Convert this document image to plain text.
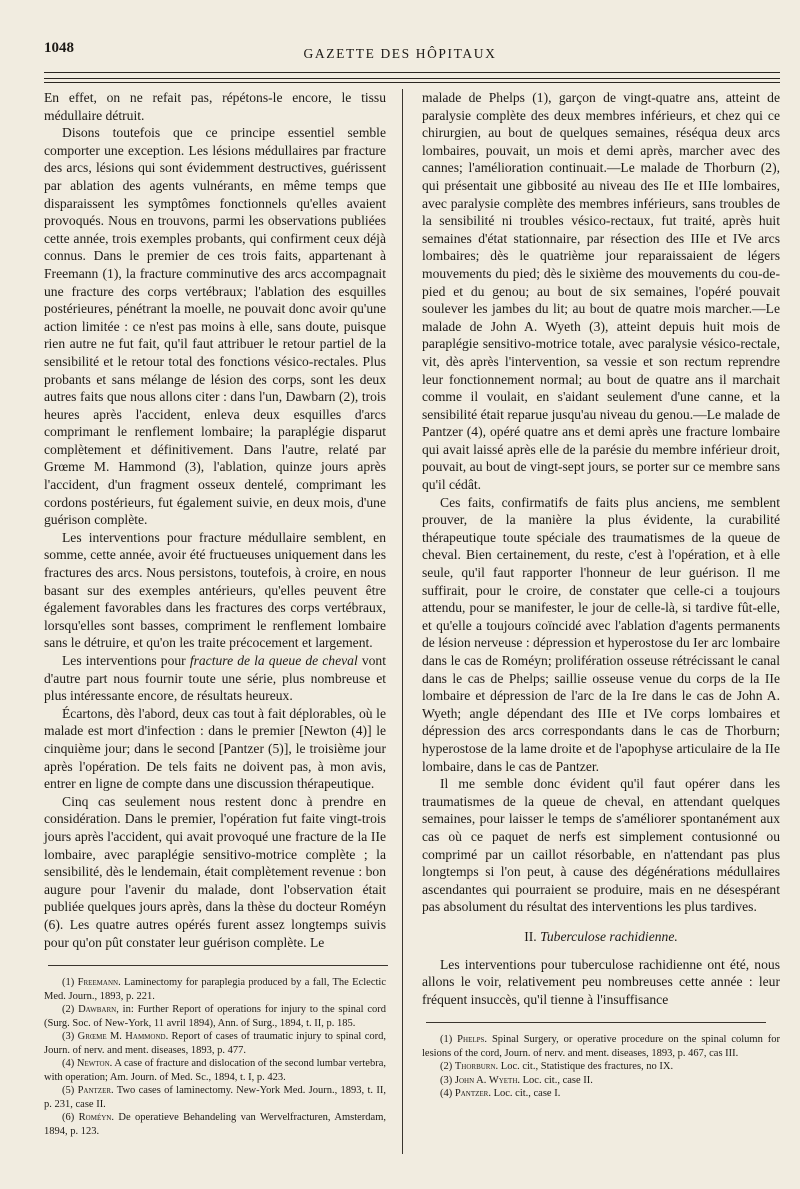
1048	GAZETTE DES HÔPITAUX

En effet, on ne refait pas, répétons-le encore, le tissu médullaire détruit.

Disons toutefois que ce principe essentiel semble comporter une exception. Les lésions médullaires par fracture des arcs, lésions qui sont évidemment destructives, guérissent par ablation des agents vulnérants, en même temps que disparaissent les symptômes fonctionnels qu'elles avaient provoqués. Nous en trouvons, parmi les observations publiées cette année, trois exemples probants, qui confirment ceux déjà connus. Dans le premier de ces trois faits, appartenant à Freemann (1), la fracture comminutive des arcs accompagnait une fracture des corps vertébraux; l'ablation des esquilles postérieures, pénétrant la moelle, ne pouvait donc avoir qu'une action limitée : ce n'est pas moins à elle, sans doute, puisque rien autre ne fut fait, qu'il faut attribuer le retour partiel de la sensibilité et le retour total des fonctions vésico-rectales. Plus probants et sans mélange de lésion des corps, sont les deux autres faits que nous allons citer : dans l'un, Dawbarn (2), trois heures après l'accident, enleva deux esquilles d'arcs comprimant le renflement lombaire; la paraplégie disparut complètement et définitivement. Dans l'autre, relaté par Grœme M. Hammond (3), l'ablation, quinze jours après l'accident, d'un fragment osseux dentelé, comprimant les cordons postérieurs, fut également suivie, en deux mois, d'une guérison complète.

Les interventions pour fracture médullaire semblent, en somme, cette année, avoir été fructueuses uniquement dans les fractures des arcs. Nous persistons, toutefois, à croire, en nous basant sur des exemples antérieurs, qu'elles peuvent être également favorables dans les fractures des corps vertébraux, lorsqu'elles sont basses, compriment le renflement lombaire sans le détruire, et qu'on les traite précocement et largement.

Les interventions pour fracture de la queue de cheval vont d'autre part nous fournir toute une série, plus nombreuse et plus intéressante encore, de résultats heureux.

Écartons, dès l'abord, deux cas tout à fait déplorables, où le malade est mort d'infection : dans le premier [Newton (4)] le cinquième jour; dans le second [Pantzer (5)], le troisième jour après l'opération. De tels faits ne doivent pas, à mon avis, entrer en ligne de compte dans une discussion thérapeutique.

Cinq cas seulement nous restent donc à prendre en considération. Dans le premier, l'opération fut faite vingt-trois jours après l'accident, qui avait provoqué une fracture de la IIe lombaire, avec paraplégie sensitivo-motrice complète ; la sensibilité, dès le lendemain, était complètement revenue : bon augure pour l'avenir du malade, dont l'observation était publiée quelques jours après, dans la thèse du docteur Roméyn (6). Les quatre autres opérés furent assez longtemps suivis pour qu'on pût constater leur guérison complète. Le

(1) Freemann. Laminectomy for paraplegia produced by a fall, The Eclectic Med. Journ., 1893, p. 221.

(2) Dawbarn, in: Further Report of operations for injury to the spinal cord (Surg. Soc. of New-York, 11 avril 1894), Ann. of Surg., 1894, t. II, p. 185.

(3) Grœme M. Hammond. Report of cases of traumatic injury to spinal cord, Journ. of nerv. and ment. diseases, 1893, p. 477.

(4) Newton. A case of fracture and dislocation of the second lumbar vertebra, with operation; Am. Journ. of Med. Sc., 1894, t. I, p. 423.

(5) Pantzer. Two cases of laminectomy. New-York Med. Journ., 1893, t. II, p. 231, case II.

(6) Roméyn. De operatieve Behandeling van Wervelfracturen, Amsterdam, 1894, p. 123.

malade de Phelps (1), garçon de vingt-quatre ans, atteint de paralysie complète des deux membres inférieurs, et chez qui ce chirurgien, au bout de quelques semaines, réséqua deux arcs lombaires, pouvait, un mois et demi après, marcher avec des cannes; l'amélioration continuait.—Le malade de Thorburn (2), qui présentait une gibbosité au niveau des IIe et IIIe lombaires, avec paralysie complète des membres inférieurs, sans troubles de la sensibilité ni troubles vésico-rectaux, fut traité, après huit semaines d'état stationnaire, par résection des IIIe et IVe arcs lombaires; dès le quatrième jour reparaissaient de légers mouvements du pied; dès le sixième des mouvements du cou-de-pied et du genou; au bout de six semaines, l'opéré pouvait soulever les jambes du lit; au bout de quatre mois marcher.—Le malade de John A. Wyeth (3), atteint depuis huit mois de paraplégie sensitivo-motrice totale, avec paralysie vésico-rectale, vit, dès après l'intervention, sa vessie et son rectum reprendre leur fonctionnement normal; au bout de quatre ans il marchait comme il voulait, en s'aidant seulement d'une canne, et la sensibilité était reparue jusqu'au niveau du genou.—Le malade de Pantzer (4), opéré quatre ans et demi après une fracture lombaire qui avait laissé après elle de la parésie du membre inférieur droit, pouvait, au bout de vingt-sept jours, se porter sur ce membre sans qu'il cédât.

Ces faits, confirmatifs de faits plus anciens, me semblent prouver, de la manière la plus évidente, la curabilité thérapeutique toute spéciale des traumatismes de la queue de cheval. Bien certainement, du reste, c'est à l'opération, et à elle seule, qu'il faut rapporter l'honneur de leur guérison. Il me suffirait, pour le croire, de constater que celle-ci a toujours attendu, pour se manifester, le jour de celle-là, si tardive fût-elle, et qu'elle a toujours coïncidé avec l'ablation d'agents permanents de lésion nerveuse : dépression et hyperostose du Ier arc lombaire dans le cas de Roméyn; prolifération osseuse rétrécissant le canal dans le cas de Phelps; saillie osseuse venue du corps de la IIe lombaire et dépression de l'arc de la Ire dans le cas de John A. Wyeth; angle dépendant des IIIe et IVe corps lombaires et dépression des arcs correspondants dans le cas de Thorburn; hyperostose de la lame droite et de l'apophyse articulaire de la IIe lombaire, dans le cas de Pantzer.

Il me semble donc évident qu'il faut opérer dans les traumatismes de la queue de cheval, en attendant quelques semaines, pour laisser le temps de s'améliorer spontanément aux cas où ce paquet de nerfs est simplement contusionné ou comprimé par un caillot résorbable, en n'attendant pas plus longtemps si l'on peut, à cause des dégénérations médullaires ascendantes qui pourraient se produire, mais en ne désespérant pas absolument du résultat des interventions les plus tardives.

II. Tuberculose rachidienne.

Les interventions pour tuberculose rachidienne ont été, nous allons le voir, relativement peu nombreuses cette année : leur fréquent insuccès, qu'il tienne à l'insuffisance

(1) Phelps. Spinal Surgery, or operative procedure on the spinal column for lesions of the cord, Journ. of nerv. and ment. diseases, 1893, p. 467, cas III.

(2) Thorburn. Loc. cit., Statistique des fractures, no IX.

(3) John A. Wyeth. Loc. cit., case II.

(4) Pantzer. Loc. cit., case I.
